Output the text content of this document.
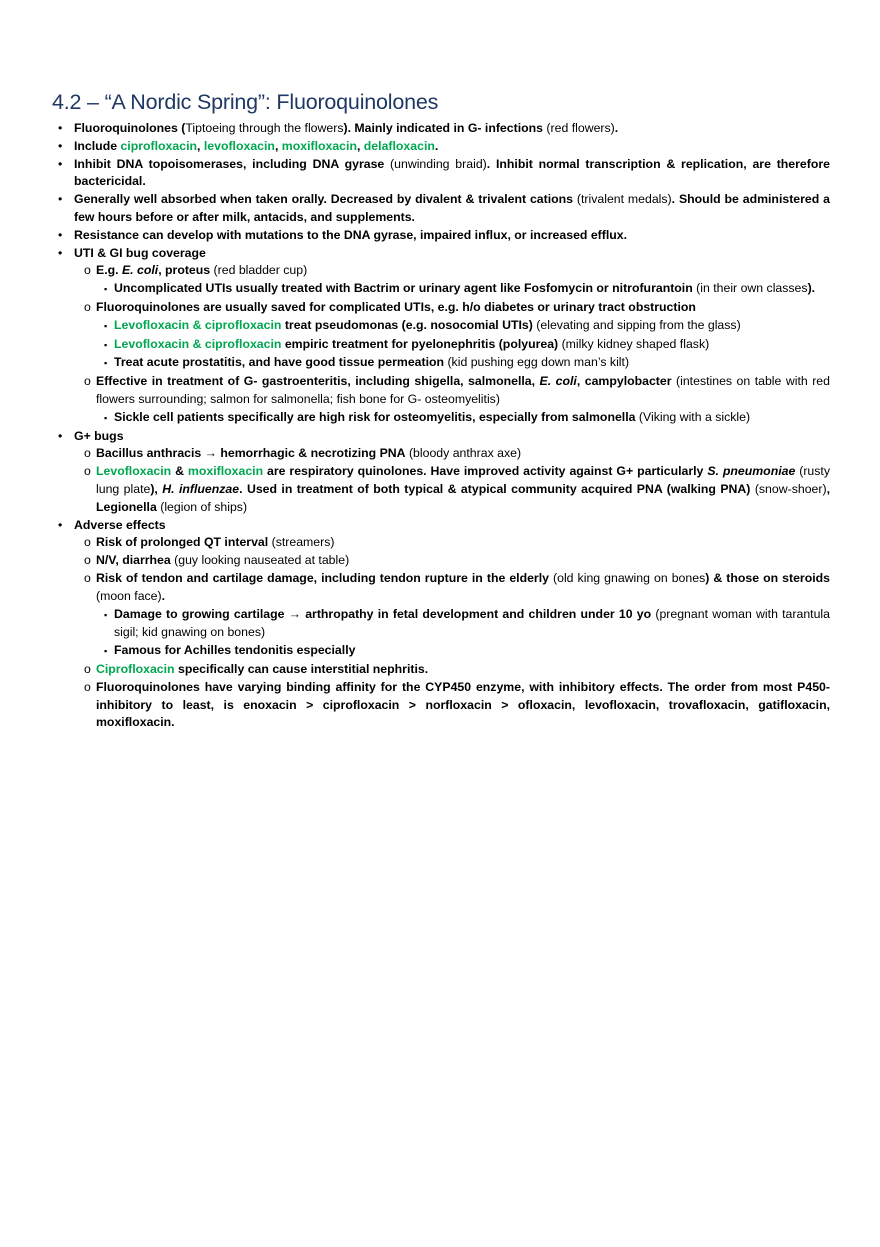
4.2 – “A Nordic Spring”: Fluoroquinolones

• Fluoroquinolones (Tiptoeing through the flowers). Mainly indicated in G- infections (red flowers).

• Include ciprofloxacin, levofloxacin, moxifloxacin, delafloxacin.

• Inhibit DNA topoisomerases, including DNA gyrase (unwinding braid). Inhibit normal transcription & replication, are therefore bactericidal.

• Generally well absorbed when taken orally. Decreased by divalent & trivalent cations (trivalent medals). Should be administered a few hours before or after milk, antacids, and supplements.

• Resistance can develop with mutations to the DNA gyrase, impaired influx, or increased efflux.

• UTI & GI bug coverage

o E.g. E. coli, proteus (red bladder cup)

▪ Uncomplicated UTIs usually treated with Bactrim or urinary agent like Fosfomycin or nitrofurantoin (in their own classes).

o Fluoroquinolones are usually saved for complicated UTIs, e.g. h/o diabetes or urinary tract obstruction

▪ Levofloxacin & ciprofloxacin treat pseudomonas (e.g. nosocomial UTIs) (elevating and sipping from the glass)

▪ Levofloxacin & ciprofloxacin empiric treatment for pyelonephritis (polyurea) (milky kidney shaped flask)

▪ Treat acute prostatitis, and have good tissue permeation (kid pushing egg down man’s kilt)

o Effective in treatment of G- gastroenteritis, including shigella, salmonella, E. coli, campylobacter (intestines on table with red flowers surrounding; salmon for salmonella; fish bone for G- osteomyelitis)

▪ Sickle cell patients specifically are high risk for osteomyelitis, especially from salmonella (Viking with a sickle)

• G+ bugs

o Bacillus anthracis → hemorrhagic & necrotizing PNA (bloody anthrax axe)

o Levofloxacin & moxifloxacin are respiratory quinolones. Have improved activity against G+ particularly S. pneumoniae (rusty lung plate), H. influenzae. Used in treatment of both typical & atypical community acquired PNA (walking PNA) (snow-shoer), Legionella (legion of ships)

• Adverse effects

o Risk of prolonged QT interval (streamers)

o N/V, diarrhea (guy looking nauseated at table)

o Risk of tendon and cartilage damage, including tendon rupture in the elderly (old king gnawing on bones) & those on steroids (moon face).

▪ Damage to growing cartilage → arthropathy in fetal development and children under 10 yo (pregnant woman with tarantula sigil; kid gnawing on bones)

▪ Famous for Achilles tendonitis especially

o Ciprofloxacin specifically can cause interstitial nephritis.

o Fluoroquinolones have varying binding affinity for the CYP450 enzyme, with inhibitory effects. The order from most P450-inhibitory to least, is enoxacin > ciprofloxacin > norfloxacin > ofloxacin, levofloxacin, trovafloxacin, gatifloxacin, moxifloxacin.
